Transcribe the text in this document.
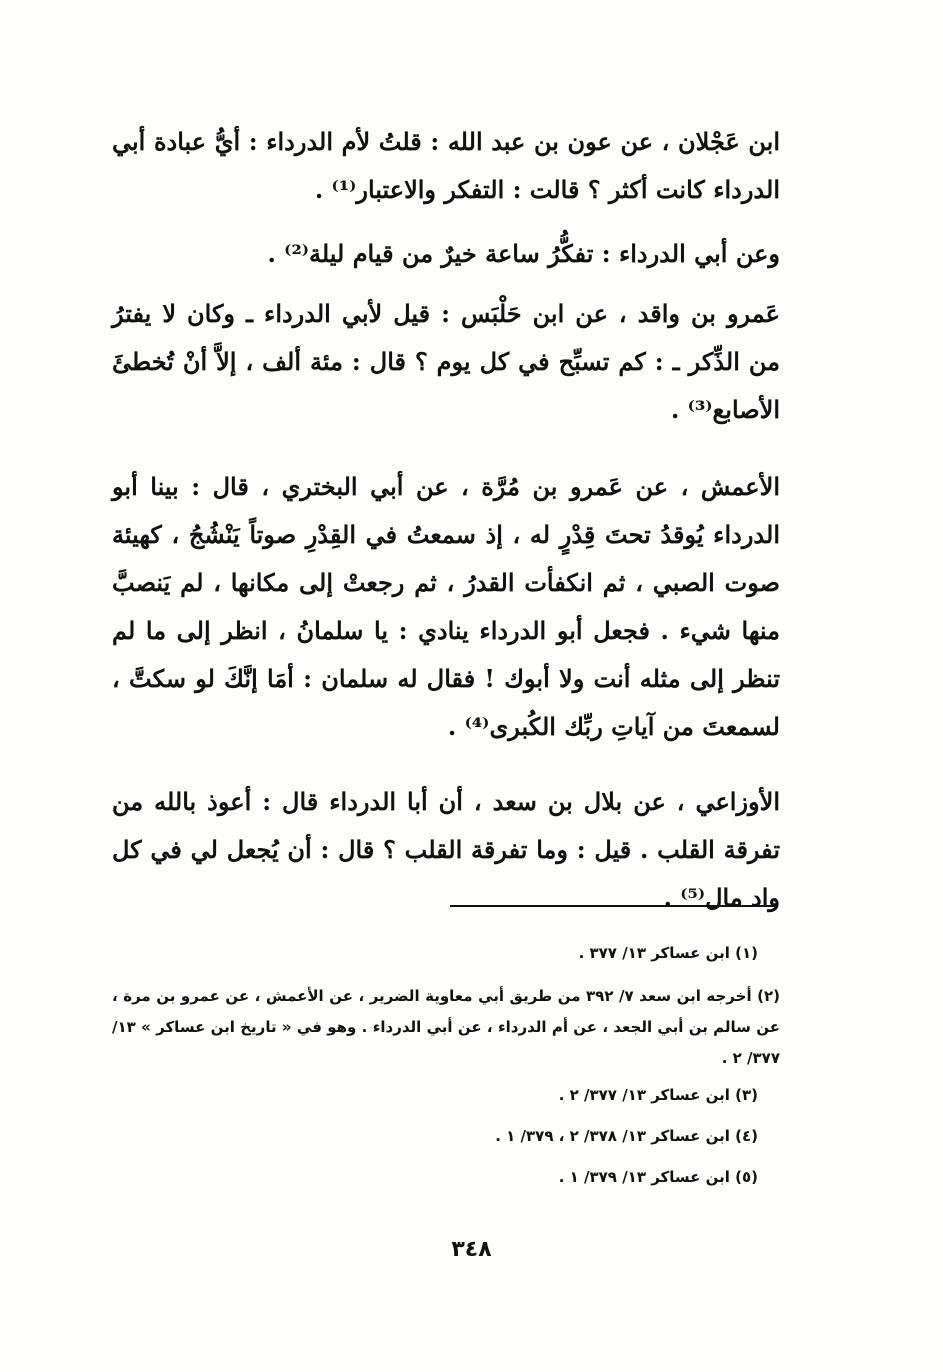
ابن عَجْلان ، عن عون بن عبد الله : قلتُ لأم الدرداء : أيُّ عبادة أبي الدرداء كانت أكثر ؟ قالت : التفكر والاعتبار⁽¹⁾ .

وعن أبي الدرداء : تفكُّرُ ساعة خيرٌ من قيام ليلة⁽²⁾ .

عَمرو بن واقد ، عن ابن حَلْبَس : قيل لأبي الدرداء ـ وكان لا يفترُ من الذِّكر ـ : كم تسبِّح في كل يوم ؟ قال : مئة ألف ، إلاَّ أنْ تُخطئَ الأصابع⁽³⁾ .

الأعمش ، عن عَمرو بن مُرَّة ، عن أبي البختري ، قال : بينا أبو الدرداء يُوقدُ تحتَ قِدْرٍ له ، إذ سمعتُ في القِدْرِ صوتاً يَنْشُجُ ، كهيئة صوت الصبي ، ثم انكفأت القدرُ ، ثم رجعتْ إلى مكانها ، لم يَنصبَّ منها شيء . فجعل أبو الدرداء ينادي : يا سلمانُ ، انظر إلى ما لم تنظر إلى مثله أنت ولا أبوك ! فقال له سلمان : أمَا إنَّكَ لو سكتَّ ، لسمعتَ من آياتِ ربِّك الكُبرى⁽⁴⁾ .

الأوزاعي ، عن بلال بن سعد ، أن أبا الدرداء قال : أعوذ بالله من تفرقة القلب . قيل : وما تفرقة القلب ؟ قال : أن يُجعل لي في كل واد مال⁽⁵⁾ .

(١) ابن عساكر ١٣/ ٣٧٧ .

(٢) أخرجه ابن سعد ٧/ ٣٩٢ من طريق أبي معاوية الضرير ، عن الأعمش ، عن عمرو بن مرة ، عن سالم بن أبي الجعد ، عن أم الدرداء ، عن أبي الدرداء . وهو في « تاريخ ابن عساكر » ١٣/ ٣٧٧/ ٢ .

(٣) ابن عساكر ١٣/ ٣٧٧/ ٢ .

(٤) ابن عساكر ١٣/ ٣٧٨/ ٢ ، ٣٧٩/ ١ .

(٥) ابن عساكر ١٣/ ٣٧٩/ ١ .

٣٤٨
